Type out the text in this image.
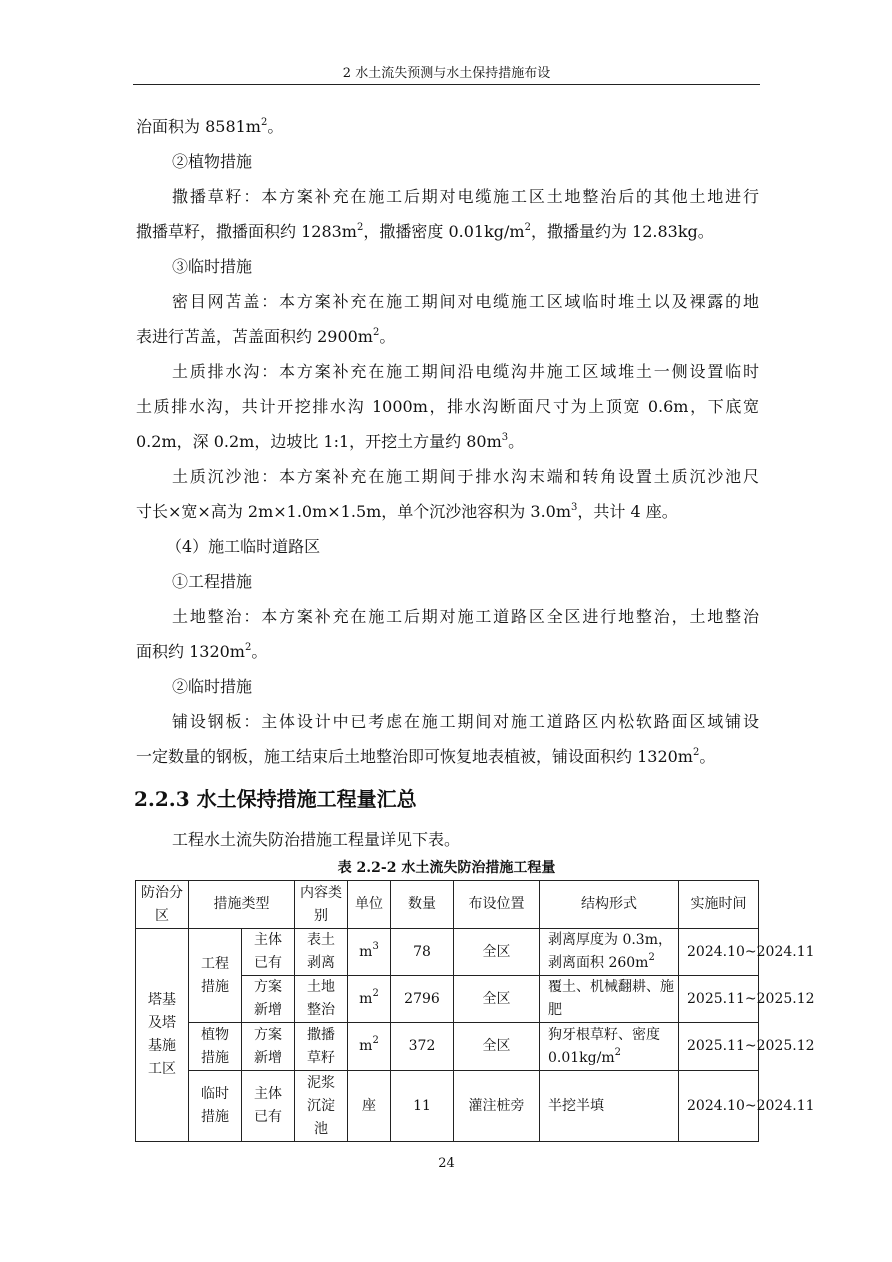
2 水土流失预测与水土保持措施布设
治面积为 $8581m^2$。
②植物措施
撒播草籽：本方案补充在施工后期对电缆施工区土地整治后的其他土地进行
撒播草籽，撒播面积约 $1283m^2$，撒播密度 $0.01kg/m^2$，撒播量约为 12.83kg。
③临时措施
密目网苫盖：本方案补充在施工期间对电缆施工区域临时堆土以及裸露的地
表进行苫盖，苫盖面积约 $2900m^2$。
土质排水沟：本方案补充在施工期间沿电缆沟井施工区域堆土一侧设置临时
土质排水沟，共计开挖排水沟 1000m，排水沟断面尺寸为上顶宽 0.6m，下底宽
0.2m，深 0.2m，边坡比 1:1，开挖土方量约 $80m^3$。
土质沉沙池：本方案补充在施工期间于排水沟末端和转角设置土质沉沙池尺
寸长×宽×高为 2m×1.0m×1.5m，单个沉沙池容积为 $3.0m^3$，共计 4 座。
（4）施工临时道路区
①工程措施
土地整治：本方案补充在施工后期对施工道路区全区进行地整治，土地整治
面积约 $1320m^2$。
②临时措施
铺设钢板：主体设计中已考虑在施工期间对施工道路区内松软路面区域铺设
一定数量的钢板，施工结束后土地整治即可恢复地表植被，铺设面积约 $1320m^2$。
2.2.3 水土保持措施工程量汇总
工程水土流失防治措施工程量详见下表。
表 2.2-2 水土流失防治措施工程量
防治分区	措施类型		内容类别	单位	数量	布设位置	结构形式	实施时间
塔基及塔基施工区	工程措施	主体已有	表土剥离	$m^3$	78	全区	剥离厚度为 0.3m，剥离面积 $260m^2$	2024.10~2024.11
		方案新增	土地整治	$m^2$	2796	全区	覆土、机械翻耕、施肥	2025.11~2025.12
	植物措施	方案新增	撒播草籽	$m^2$	372	全区	狗牙根草籽、密度 $0.01kg/m^2$	2025.11~2025.12
	临时措施	主体已有	泥浆沉淀池	座	11	灌注桩旁	半挖半填	2024.10~2024.11
24
